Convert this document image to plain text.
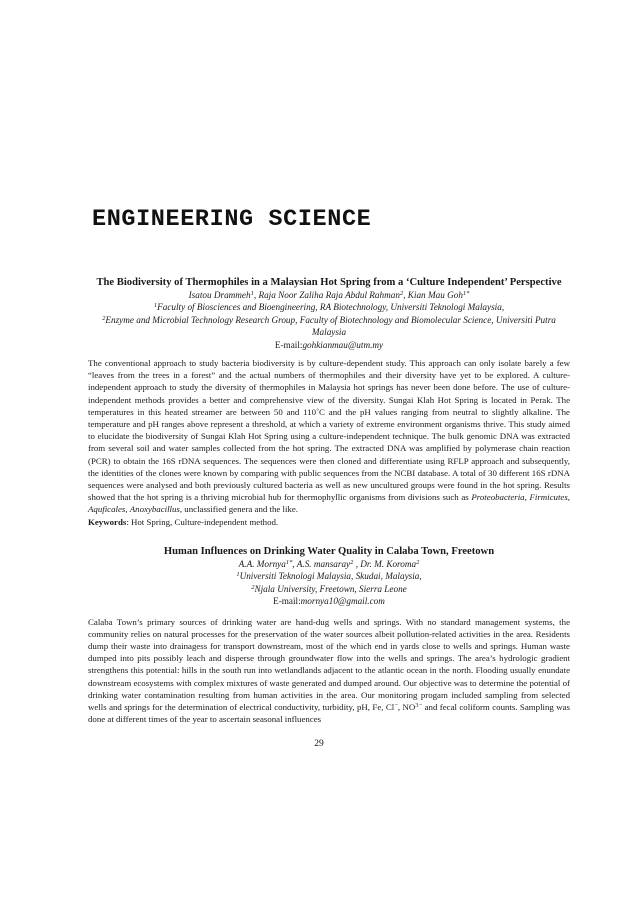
ENGINEERING SCIENCE
The Biodiversity of Thermophiles in a Malaysian Hot Spring from a ‘Culture Independent’ Perspective
Isatou Drammeh$^1$, Raja Noor Zaliha Raja Abdul Rahman$^2$, Kian Mau Goh$^{1*}$
$^1$Faculty of Biosciences and Bioengineering, RA Biotechnology, Universiti Teknologi Malaysia,
$^2$Enzyme and Microbial Technology Research Group, Faculty of Biotechnology and Biomolecular Science, Universiti Putra
Malaysia
E-mail:gohkianmau@utm.my

The conventional approach to study bacteria biodiversity is by culture-dependent study. This approach can only isolate barely a few “leaves from the trees in a forest” and the actual numbers of thermophiles and their diversity have yet to be explored. A culture-independent approach to study the diversity of thermophiles in Malaysia hot springs has never been done before. The use of culture-independent methods provides a better and comprehensive view of the diversity. Sungai Klah Hot Spring is located in Perak. The temperatures in this heated streamer are between 50 and 110˚C and the pH values ranging from neutral to slightly alkaline. The temperature and pH ranges above represent a threshold, at which a variety of extreme environment organisms thrive. This study aimed to elucidate the biodiversity of Sungai Klah Hot Spring using a culture-independent technique. The bulk genomic DNA was extracted from several soil and water samples collected from the hot spring. The extracted DNA was amplified by polymerase chain reaction (PCR) to obtain the 16S rDNA sequences. The sequences were then cloned and differentiate using RFLP approach and subsequently, the identities of the clones were known by comparing with public sequences from the NCBI database. A total of 30 different 16S rDNA sequences were analysed and both previously cultured bacteria as well as new uncultured groups were found in the hot spring. Results showed that the hot spring is a thriving microbial hub for thermophyllic organisms from divisions such as Proteobacteria, Firmicutes, Aquficales, Anoxybacillus, unclassified genera and the like.

Keywords: Hot Spring, Culture-independent method.
Human Influences on Drinking Water Quality in Calaba Town, Freetown
A.A. Mornya$^{1*}$, A.S. mansaray$^2$ , Dr. M. Koroma$^2$
$^1$Universiti Teknologi Malaysia, Skudai, Malaysia,
$^2$Njala University, Freetown, Sierra Leone
E-mail:mornya10@gmail.com

Calaba Town’s primary sources of drinking water are hand-dug wells and springs. With no standard management systems, the community relies on natural processes for the preservation of the water sources albeit pollution-related activities in the area. Residents dump their waste into drainagess for transport downstream, most of the which end in yards close to wells and springs. Human waste dumped into pits possibly leach and disperse through groundwater flow into the wells and springs. The area’s hydrologic gradient strengthens this potential: hills in the south run into wetlandlands adjacent to the atlantic ocean in the north. Flooding usually enundate downstream ecosystems with complex mixtures of waste generated and dumped around. Our objective was to determine the potential of drinking water contamination resulting from human activities in the area. Our monitoring progam included sampling from selected wells and springs for the determination of electrical conductivity, turbidity, pH, Fe, Cl−, $NO^{3-}$ and fecal coliform counts. Sampling was done at different times of the year to ascertain seasonal influences

29
